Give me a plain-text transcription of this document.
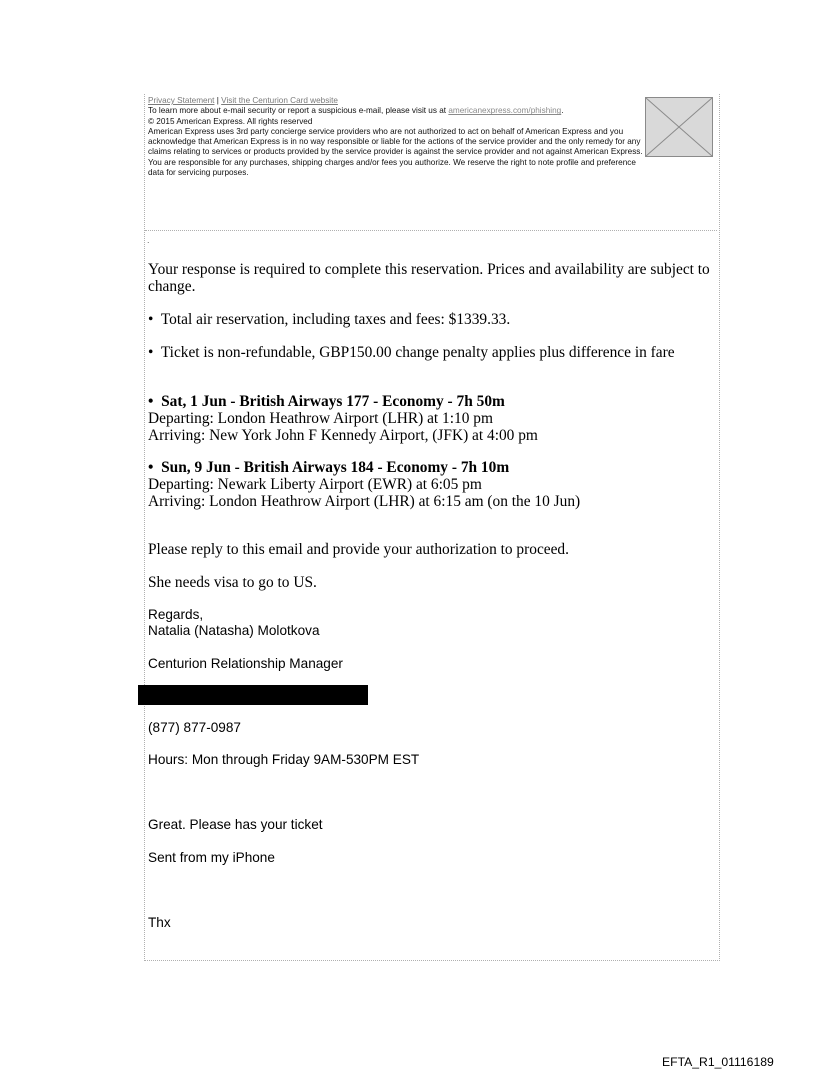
Privacy Statement | Visit the Centurion Card website
To learn more about e-mail security or report a suspicious e-mail, please visit us at americanexpress.com/phishing.
© 2015 American Express. All rights reserved
American Express uses 3rd party concierge service providers who are not authorized to act on behalf of American Express and you acknowledge that American Express is in no way responsible or liable for the actions of the service provider and the only remedy for any claims relating to services or products provided by the service provider is against the service provider and not against American Express. You are responsible for any purchases, shipping charges and/or fees you authorize. We reserve the right to note profile and preference data for servicing purposes.
.
Your response is required to complete this reservation. Prices and availability are subject to change.
• Total air reservation, including taxes and fees: $1339.33.
• Ticket is non-refundable, GBP150.00 change penalty applies plus difference in fare
• Sat, 1 Jun - British Airways 177 - Economy - 7h 50m
Departing: London Heathrow Airport (LHR) at 1:10 pm
Arriving: New York John F Kennedy Airport, (JFK) at 4:00 pm
• Sun, 9 Jun - British Airways 184 - Economy - 7h 10m
Departing: Newark Liberty Airport (EWR) at 6:05 pm
Arriving: London Heathrow Airport (LHR) at 6:15 am (on the 10 Jun)
Please reply to this email and provide your authorization to proceed.
She needs visa to go to US.
Regards,
Natalia (Natasha) Molotkova
Centurion Relationship Manager
(877) 877-0987
Hours: Mon through Friday 9AM-530PM EST
Great. Please has your ticket
Sent from my iPhone
Thx
EFTA_R1_01116189
